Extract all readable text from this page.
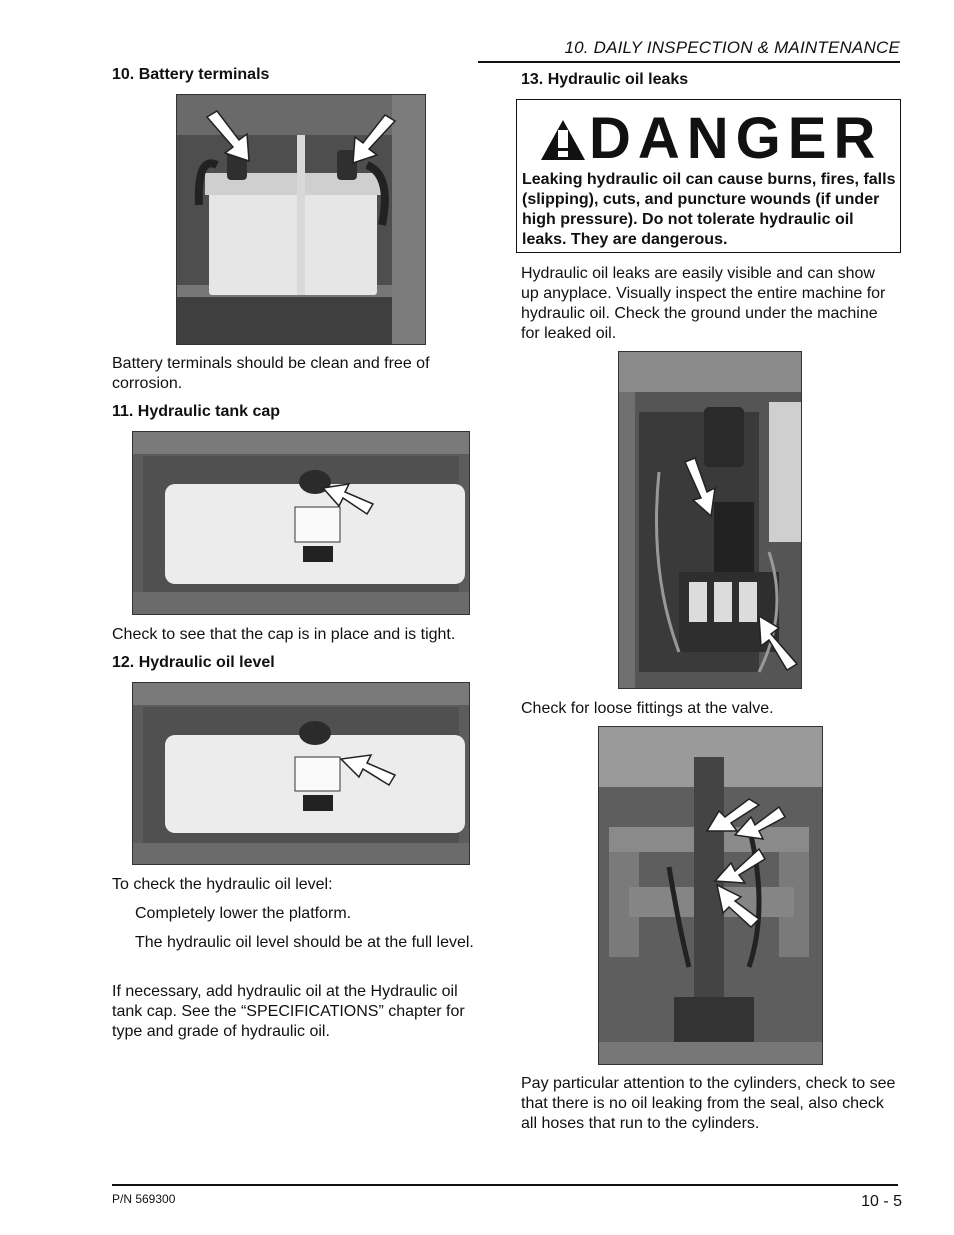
10. DAILY INSPECTION & MAINTENANCE
10. Battery terminals
Battery terminals should be clean and free of corrosion.
11. Hydraulic tank cap
Check to see that the cap is in place and is tight.
12. Hydraulic oil level
To check the hydraulic oil level:
Completely lower the platform.
The hydraulic oil level should be at the full level.
If necessary, add hydraulic oil at the Hydraulic oil tank cap. See the “SPECIFICATIONS” chapter for type and grade of hydraulic oil.
13. Hydraulic oil leaks
DANGER
Leaking hydraulic oil can cause burns, fires, falls (slipping), cuts, and puncture wounds (if under high pressure). Do not tolerate hydraulic oil leaks. They are dangerous.
Hydraulic oil leaks are easily visible and can show up anyplace. Visually inspect the entire machine for hydraulic oil. Check the ground under the machine for leaked oil.
Check for loose fittings at the valve.
Pay particular attention to the cylinders, check to see that there is no oil leaking from the seal, also check all hoses that run to the cylinders.
P/N 569300	10 - 5
